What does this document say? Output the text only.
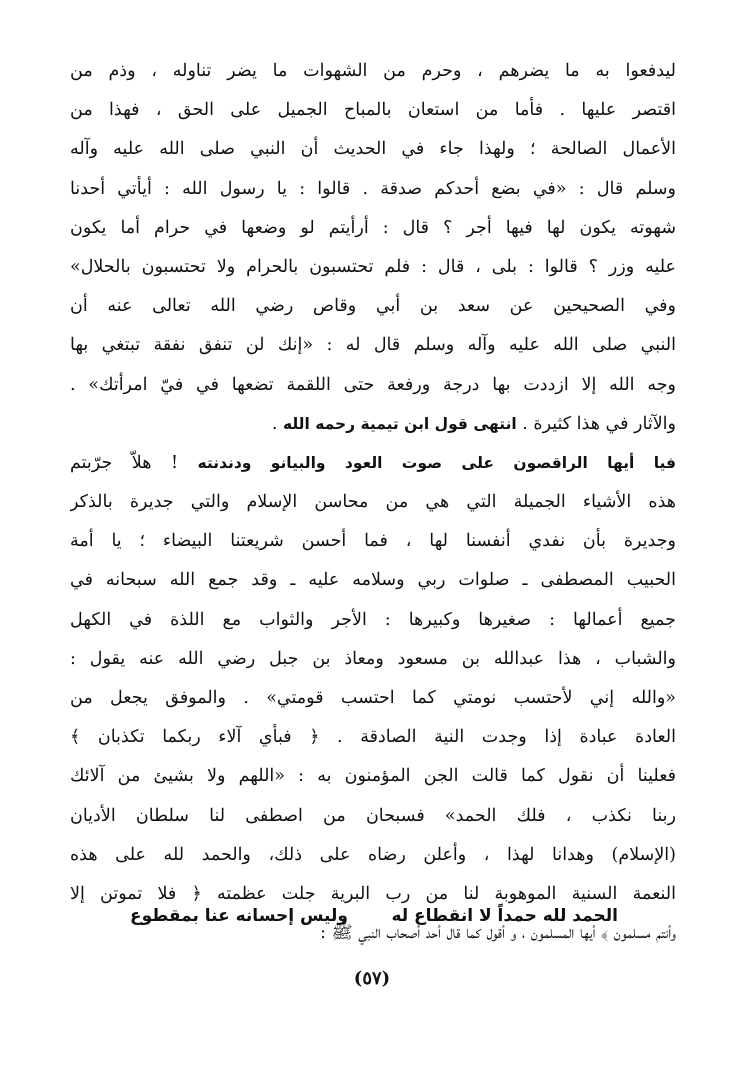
ليدفعوا به ما يضرهم ، وحرم من الشهوات ما يضر تناوله ، وذم من
اقتصر عليها . فأما من استعان بالمباح الجميل على الحق ، فهذا من
الأعمال الصالحة ؛ ولهذا جاء في الحديث أن النبي صلى الله عليه وآله
وسلم قال : «في بضع أحدكم صدقة . قالوا : يا رسول الله : أيأتي أحدنا
شهوته يكون لها فيها أجر ؟ قال : أرأيتم لو وضعها في حرام أما يكون
عليه وزر ؟ قالوا : بلى ، قال : فلم تحتسبون بالحرام ولا تحتسبون بالحلال»
وفي الصحيحين عن سعد بن أبي وقاص رضي الله تعالى عنه أن
النبي صلى الله عليه وآله وسلم قال له : «إنك لن تنفق نفقة تبتغي بها
وجه الله إلا ازددت بها درجة ورفعة حتى اللقمة تضعها في فيّ امرأتك» .
والآثار في هذا كثيرة . انتهى قول ابن تيمية رحمه الله .
فيا أيها الراقصون على صوت العود والبيانو ودندنته ! هلاّ جرّبتم
هذه الأشياء الجميلة التي هي من محاسن الإسلام والتي جديرة بالذكر
وجديرة بأن نفدي أنفسنا لها ، فما أحسن شريعتنا البيضاء ؛ يا أمة
الحبيب المصطفى ـ صلوات ربي وسلامه عليه ـ وقد جمع الله سبحانه في
جميع أعمالها : صغيرها وكبيرها : الأجر والثواب مع اللذة في الكهل
والشباب ، هذا عبدالله بن مسعود ومعاذ بن جبل رضي الله عنه يقول :
«والله إني لأحتسب نومتي كما احتسب قومتي» . والموفق يجعل من
العادة عبادة إذا وجدت النية الصادقة . ﴿ فبأي آلاء ربكما تكذبان ﴾
فعلينا أن نقول كما قالت الجن المؤمنون به : «اللهم ولا بشيئ من آلائك
ربنا نكذب ، فلك الحمد» فسبحان من اصطفى لنا سلطان الأديان
(الإسلام) وهدانا لهذا ، وأعلن رضاه على ذلك، والحمد لله على هذه
النعمة السنية الموهوبة لنا من رب البرية جلت عظمته ﴿ فلا تموتن إلا
وأنتم مسلمون ﴾ أيها المسلمون ، و أقول كما قال أحد أصحاب النبي ﷺ :
الحمد لله حمداً لا انقطاع له
وليس إحسانه عنا بمقطوع
(٥٧)
